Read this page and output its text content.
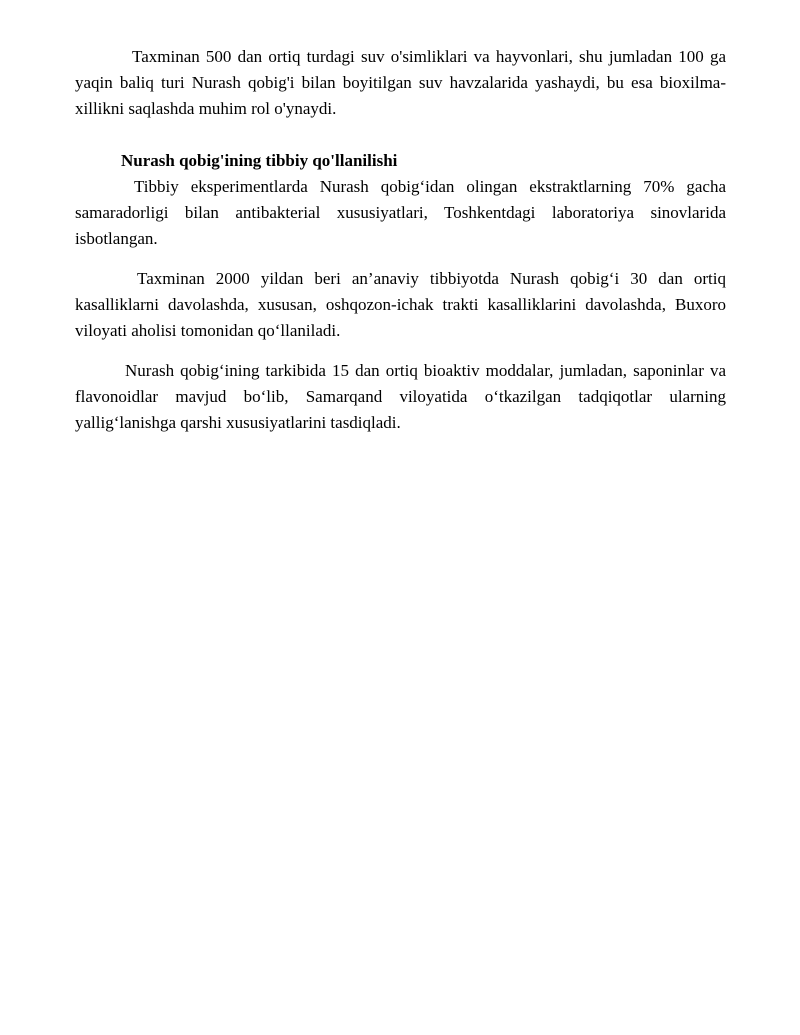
Taxminan 500 dan ortiq turdagi suv o'simliklari va hayvonlari, shu jumladan 100 ga yaqin baliq turi Nurash qobig'i bilan boyitilgan suv havzalarida yashaydi, bu esa bioxilma-xillikni saqlashda muhim rol o'ynaydi.

Nurash qobig'ining tibbiy qo'llanilishi

Tibbiy eksperimentlarda Nurash qobig‘idan olingan ekstraktlarning 70% gacha samaradorligi bilan antibakterial xususiyatlari, Toshkentdagi laboratoriya sinovlarida isbotlangan.

Taxminan 2000 yildan beri an’anaviy tibbiyotda Nurash qobig‘i 30 dan ortiq kasalliklarni davolashda, xususan, oshqozon-ichak trakti kasalliklarini davolashda, Buxoro viloyati aholisi tomonidan qo‘llaniladi.

Nurash qobig‘ining tarkibida 15 dan ortiq bioaktiv moddalar, jumladan, saponinlar va flavonoidlar mavjud bo‘lib, Samarqand viloyatida o‘tkazilgan tadqiqotlar ularning yallig‘lanishga qarshi xususiyatlarini tasdiqladi.
